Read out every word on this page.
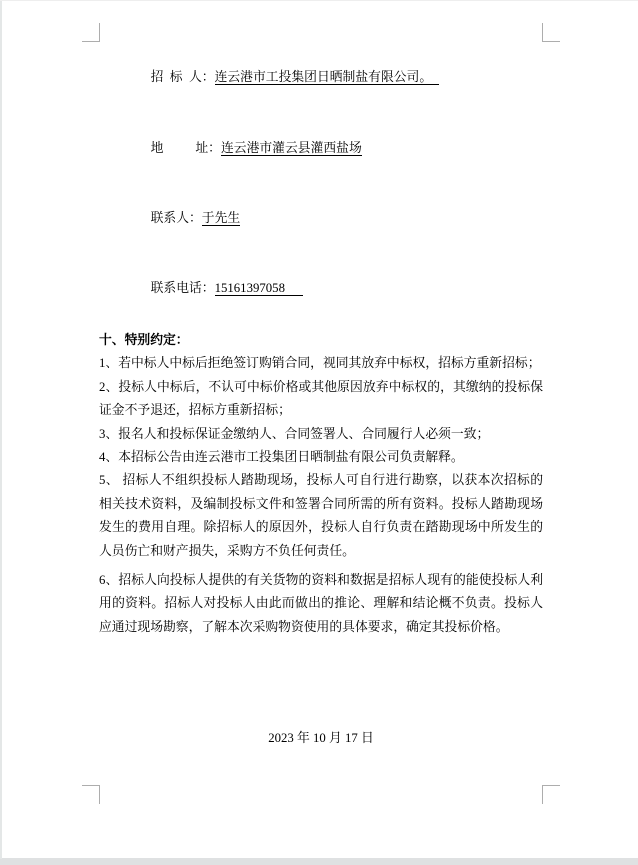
招  标  人：连云港市工投集团日晒制盐有限公司。

地          址：连云港市灌云县灌西盐场

联系人：于先生

联系电话：15161397058

十、特别约定：

1、若中标人中标后拒绝签订购销合同，视同其放弃中标权，招标方重新招标；

2、投标人中标后，不认可中标价格或其他原因放弃中标权的，其缴纳的投标保证金不予退还，招标方重新招标；

3、报名人和投标保证金缴纳人、合同签署人、合同履行人必须一致；

4、本招标公告由连云港市工投集团日晒制盐有限公司负责解释。

5、 招标人不组织投标人踏勘现场，投标人可自行进行勘察，以获本次招标的相关技术资料，及编制投标文件和签署合同所需的所有资料。投标人踏勘现场发生的费用自理。除招标人的原因外，投标人自行负责在踏勘现场中所发生的人员伤亡和财产损失，采购方不负任何责任。

6、招标人向投标人提供的有关货物的资料和数据是招标人现有的能使投标人利用的资料。招标人对投标人由此而做出的推论、理解和结论概不负责。投标人应通过现场勘察，了解本次采购物资使用的具体要求，确定其投标价格。

2023 年 10 月 17 日
